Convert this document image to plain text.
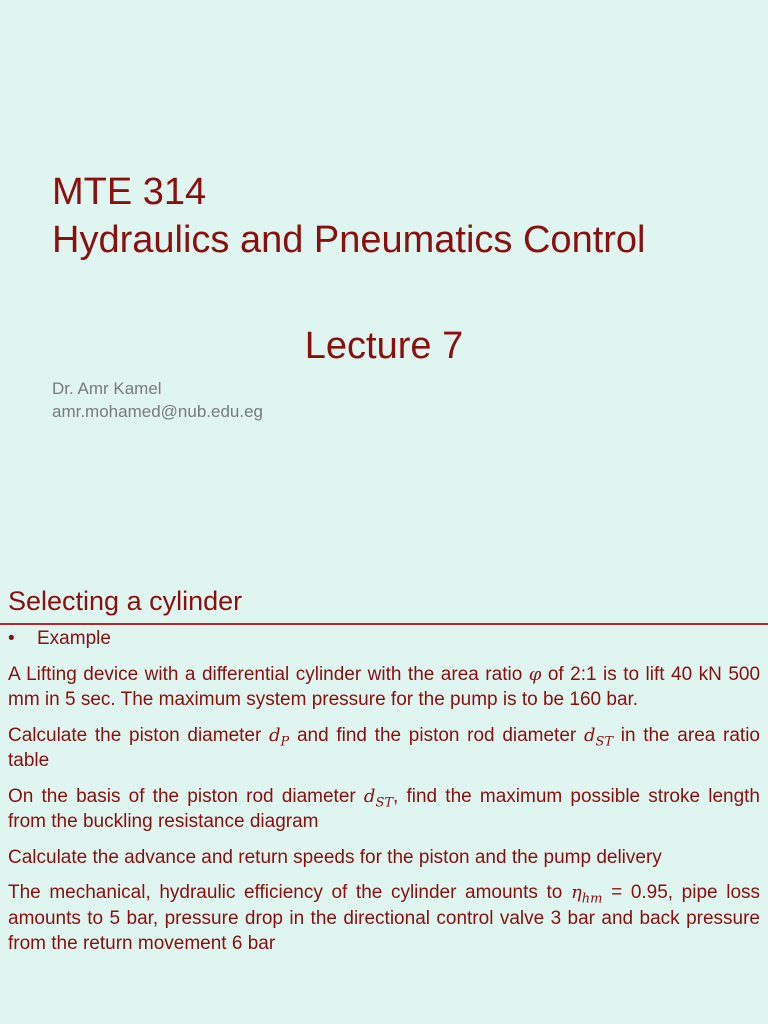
MTE 314
Hydraulics and Pneumatics Control
Lecture 7
Dr. Amr Kamel
amr.mohamed@nub.edu.eg
Selecting a cylinder
•	Example

A Lifting device with a differential cylinder with the area ratio φ of 2:1 is to lift 40 kN 500 mm in 5 sec. The maximum system pressure for the pump is to be 160 bar.

Calculate the piston diameter $d_P$ and find the piston rod diameter $d_{ST}$ in the area ratio table

On the basis of the piston rod diameter $d_{ST}$, find the maximum possible stroke length from the buckling resistance diagram

Calculate the advance and return speeds for the piston and the pump delivery

The mechanical, hydraulic efficiency of the cylinder amounts to $\eta_{hm} = 0.95$, pipe loss amounts to 5 bar, pressure drop in the directional control valve 3 bar and back pressure from the return movement 6 bar
